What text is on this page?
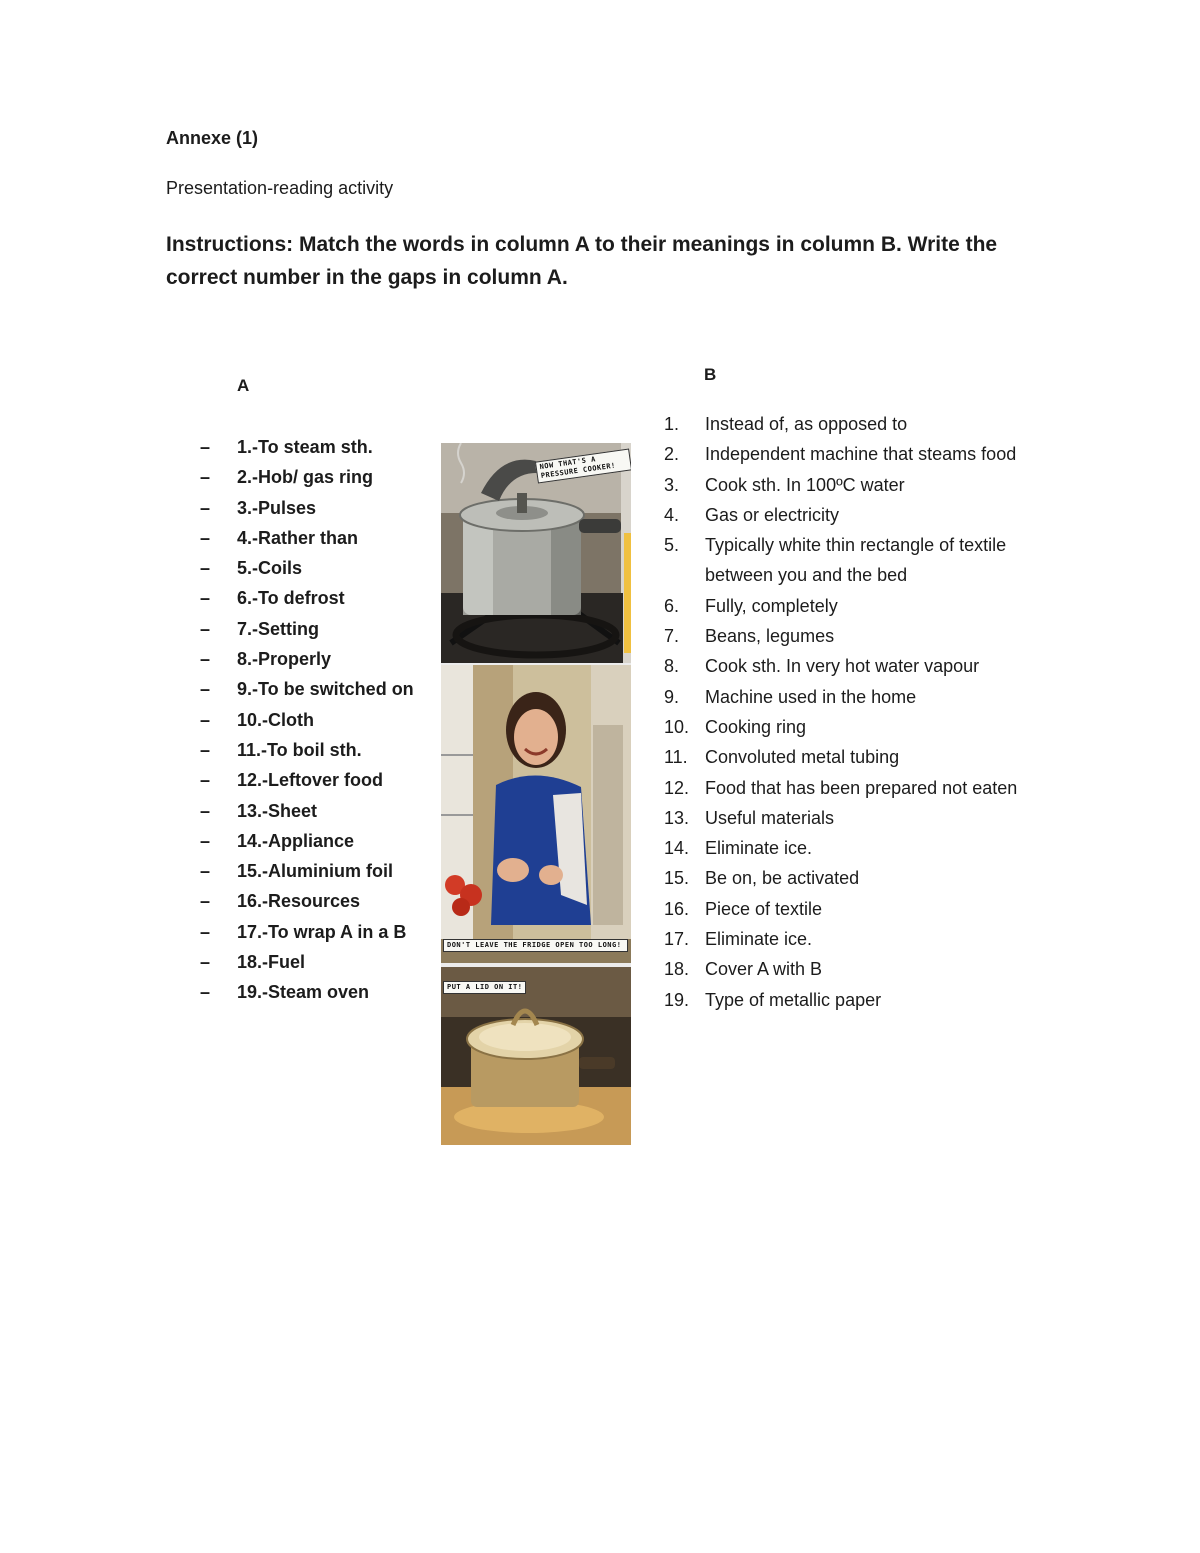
Annexe (1)
Presentation-reading activity
Instructions: Match the words in column A to their meanings in column B. Write the correct number in the gaps in column A.
A
B
–	1.-To steam sth.
–	2.-Hob/ gas ring
–	3.-Pulses
–	4.-Rather than
–	5.-Coils
–	6.-To defrost
–	7.-Setting
–	8.-Properly
–	9.-To be switched on
–	10.-Cloth
–	11.-To boil sth.
–	12.-Leftover food
–	13.-Sheet
–	14.-Appliance
–	15.-Aluminium foil
–	16.-Resources
–	17.-To wrap A in a B
–	18.-Fuel
–	19.-Steam oven
1.	Instead of, as opposed to
2.	Independent machine that steams food
3.	Cook sth. In 100ºC water
4.	Gas or electricity
5.	Typically white thin rectangle of textile between you and the bed
6.	Fully, completely
7.	Beans, legumes
8.	Cook sth. In very hot water vapour
9.	Machine used in the home
10. Cooking ring
11. Convoluted metal tubing
12. Food that has been prepared not eaten
13. Useful materials
14. Eliminate ice.
15. Be on, be activated
16. Piece of textile
17. Eliminate ice.
18. Cover A with B
19. Type of metallic paper
NOW THAT'S A PRESSURE COOKER!
DON'T LEAVE THE FRIDGE OPEN TOO LONG!
PUT A LID ON IT!
